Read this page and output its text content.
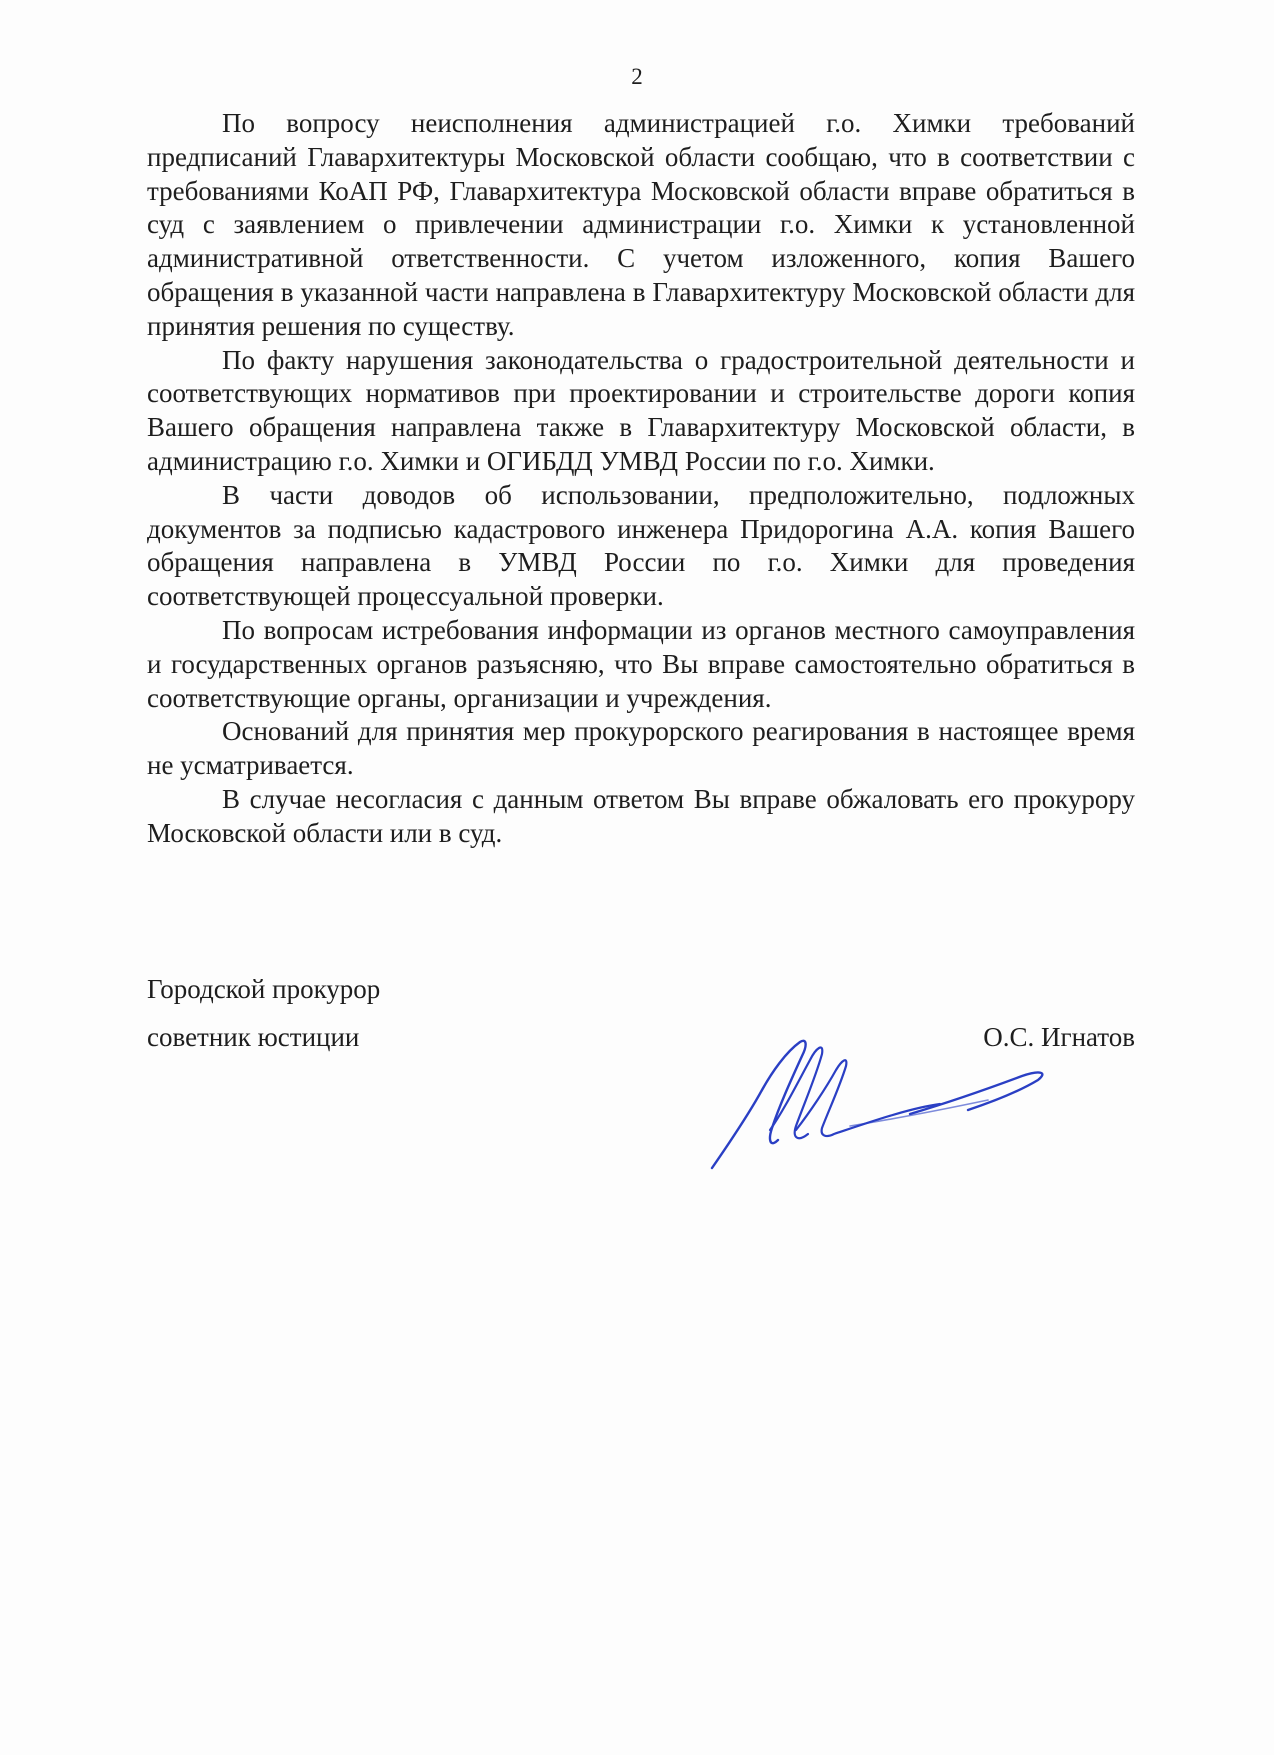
2

По вопросу неисполнения администрацией г.о. Химки требований предписаний Главархитектуры Московской области сообщаю, что в соответствии с требованиями КоАП РФ, Главархитектура Московской области вправе обратиться в суд с заявлением о привлечении администрации г.о. Химки к установленной административной ответственности. С учетом изложенного, копия Вашего обращения в указанной части направлена в Главархитектуру Московской области для принятия решения по существу.

По факту нарушения законодательства о градостроительной деятельности и соответствующих нормативов при проектировании и строительстве дороги копия Вашего обращения направлена также в Главархитектуру Московской области, в администрацию г.о. Химки и ОГИБДД УМВД России по г.о. Химки.

В части доводов об использовании, предположительно, подложных документов за подписью кадастрового инженера Придорогина А.А. копия Вашего обращения направлена в УМВД России по г.о. Химки для проведения соответствующей процессуальной проверки.

По вопросам истребования информации из органов местного самоуправления и государственных органов разъясняю, что Вы вправе самостоятельно обратиться в соответствующие органы, организации и учреждения.

Оснований для принятия мер прокурорского реагирования в настоящее время не усматривается.

В случае несогласия с данным ответом Вы вправе обжаловать его прокурору Московской области или в суд.

Городской прокурор
советник юстиции	О.С. Игнатов
